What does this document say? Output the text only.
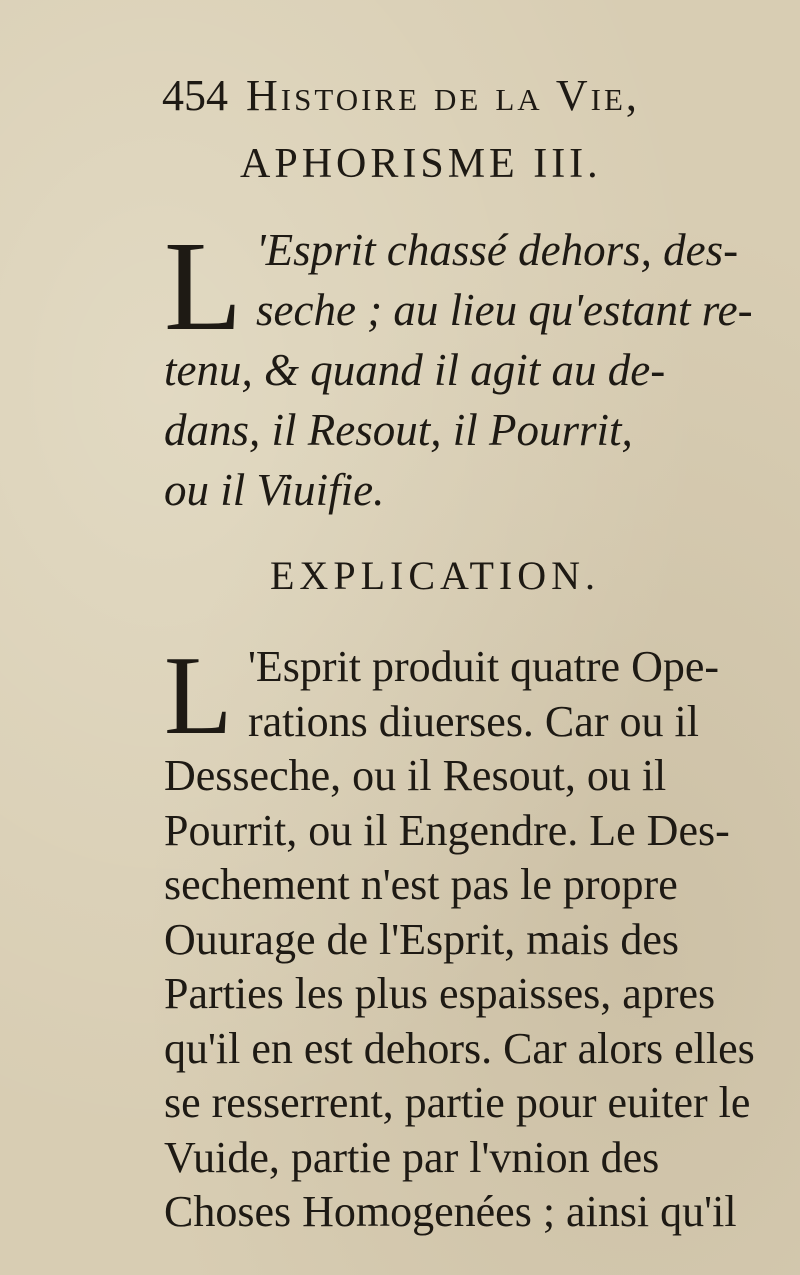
454 Histoire de la Vie,
APHORISME III.
L 'Esprit chassé dehors, des-
seche ; au lieu qu'estant re-
tenu, & quand il agit au de-
dans, il Resout, il Pourrit,
ou il Viuifie.
EXPLICATION.
L 'Esprit produit quatre Ope-
rations diuerses. Car ou il
Desseche, ou il Resout, ou il
Pourrit, ou il Engendre. Le Des-
sechement n'est pas le propre
Ouurage de l'Esprit, mais des
Parties les plus espaisses, apres
qu'il en est dehors. Car alors elles
se resserrent, partie pour euiter le
Vuide, partie par l'vnion des
Choses Homogenées ; ainsi qu'il
